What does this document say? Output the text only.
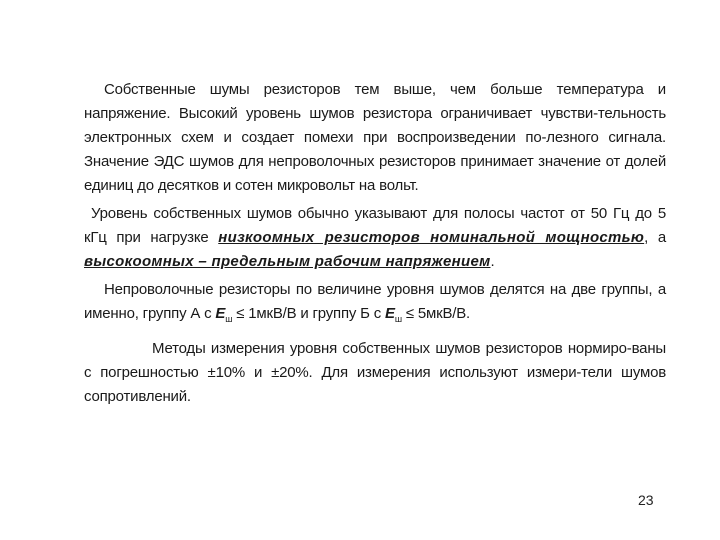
Собственные шумы резисторов тем выше, чем больше температура и напряжение. Высокий уровень шумов резистора ограничивает чувстви-тельность электронных схем и создает помехи при воспроизведении по-лезного сигнала. Значение ЭДС шумов для непроволочных резисторов принимает значение от долей единиц до десятков и сотен микровольт на вольт.

Уровень собственных шумов обычно указывают для полосы частот от 50 Гц до 5 кГц при нагрузке низкоомных резисторов номинальной мощностью, а высокоомных – предельным рабочим напряжением.

Непроволочные резисторы по величине уровня шумов делятся на две группы, а именно, группу А с $E_ш \le 1мкВ/В$ и группу Б с $E_ш \le 5мкВ/В$.

Методы измерения уровня собственных шумов резисторов нормиро-ваны с погрешностью ±10% и ±20%. Для измерения используют измери-тели шумов сопротивлений.

23
